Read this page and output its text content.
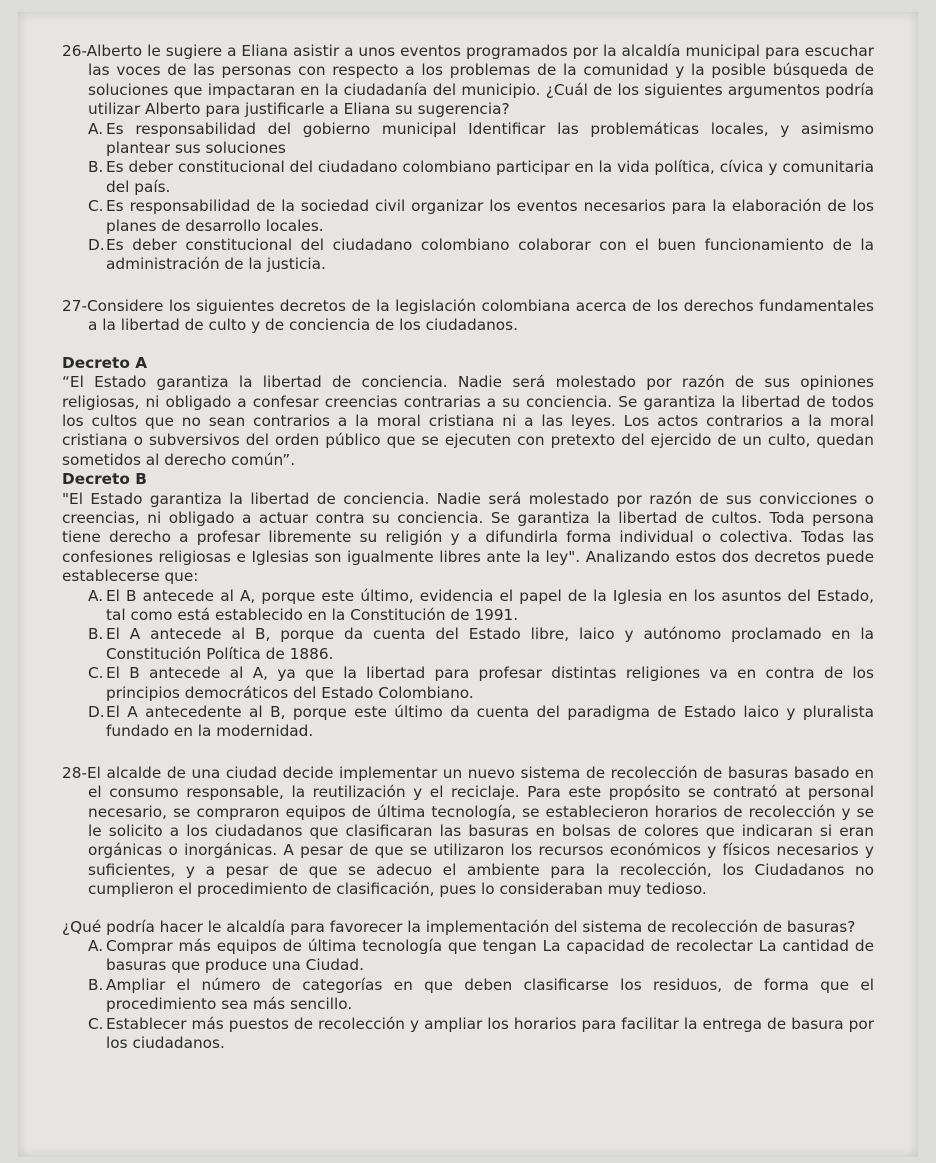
26-Alberto le sugiere a Eliana asistir a unos eventos programados por la alcaldía municipal para escuchar las voces de las personas con respecto a los problemas de la comunidad y la posible búsqueda de soluciones que impactaran en la ciudadanía del municipio. ¿Cuál de los siguientes argumentos podría utilizar Alberto para justificarle a Eliana su sugerencia?

A. Es responsabilidad del gobierno municipal Identificar las problemáticas locales, y asimismo plantear sus soluciones
B. Es deber constitucional del ciudadano colombiano participar en la vida política, cívica y comunitaria del país.
C. Es responsabilidad de la sociedad civil organizar los eventos necesarios para la elaboración de los planes de desarrollo locales.
D. Es deber constitucional del ciudadano colombiano colaborar con el buen funcionamiento de la administración de la justicia.

27-Considere los siguientes decretos de la legislación colombiana acerca de los derechos fundamentales a la libertad de culto y de conciencia de los ciudadanos.

Decreto A

“El Estado garantiza la libertad de conciencia. Nadie será molestado por razón de sus opiniones religiosas, ni obligado a confesar creencias contrarias a su conciencia. Se garantiza la libertad de todos los cultos que no sean contrarios a la moral cristiana ni a las leyes. Los actos contrarios a la moral cristiana o subversivos del orden público que se ejecuten con pretexto del ejercido de un culto, quedan sometidos al derecho común”.

Decreto B

"El Estado garantiza la libertad de conciencia. Nadie será molestado por razón de sus convicciones o creencias, ni obligado a actuar contra su conciencia. Se garantiza la libertad de cultos. Toda persona tiene derecho a profesar libremente su religión y a difundirla forma individual o colectiva. Todas las confesiones religiosas e Iglesias son igualmente libres ante la ley". Analizando estos dos decretos puede establecerse que:

A. El B antecede al A, porque este último, evidencia el papel de la Iglesia en los asuntos del Estado, tal como está establecido en la Constitución de 1991.
B. El A antecede al B, porque da cuenta del Estado libre, laico y autónomo proclamado en la Constitución Política de 1886.
C. El B antecede al A, ya que la libertad para profesar distintas religiones va en contra de los principios democráticos del Estado Colombiano.
D. El A antecedente al B, porque este último da cuenta del paradigma de Estado laico y pluralista fundado en la modernidad.

28-El alcalde de una ciudad decide implementar un nuevo sistema de recolección de basuras basado en el consumo responsable, la reutilización y el reciclaje. Para este propósito se contrató at personal necesario, se compraron equipos de última tecnología, se establecieron horarios de recolección y se le solicito a los ciudadanos que clasificaran las basuras en bolsas de colores que indicaran si eran orgánicas o inorgánicas. A pesar de que se utilizaron los recursos económicos y físicos necesarios y suficientes, y a pesar de que se adecuo el ambiente para la recolección, los Ciudadanos no cumplieron el procedimiento de clasificación, pues lo consideraban muy tedioso.

¿Qué podría hacer le alcaldía para favorecer la implementación del sistema de recolección de basuras?

A. Comprar más equipos de última tecnología que tengan La capacidad de recolectar La cantidad de basuras que produce una Ciudad.
B. Ampliar el número de categorías en que deben clasificarse los residuos, de forma que el procedimiento sea más sencillo.
C. Establecer más puestos de recolección y ampliar los horarios para facilitar la entrega de basura por los ciudadanos.
